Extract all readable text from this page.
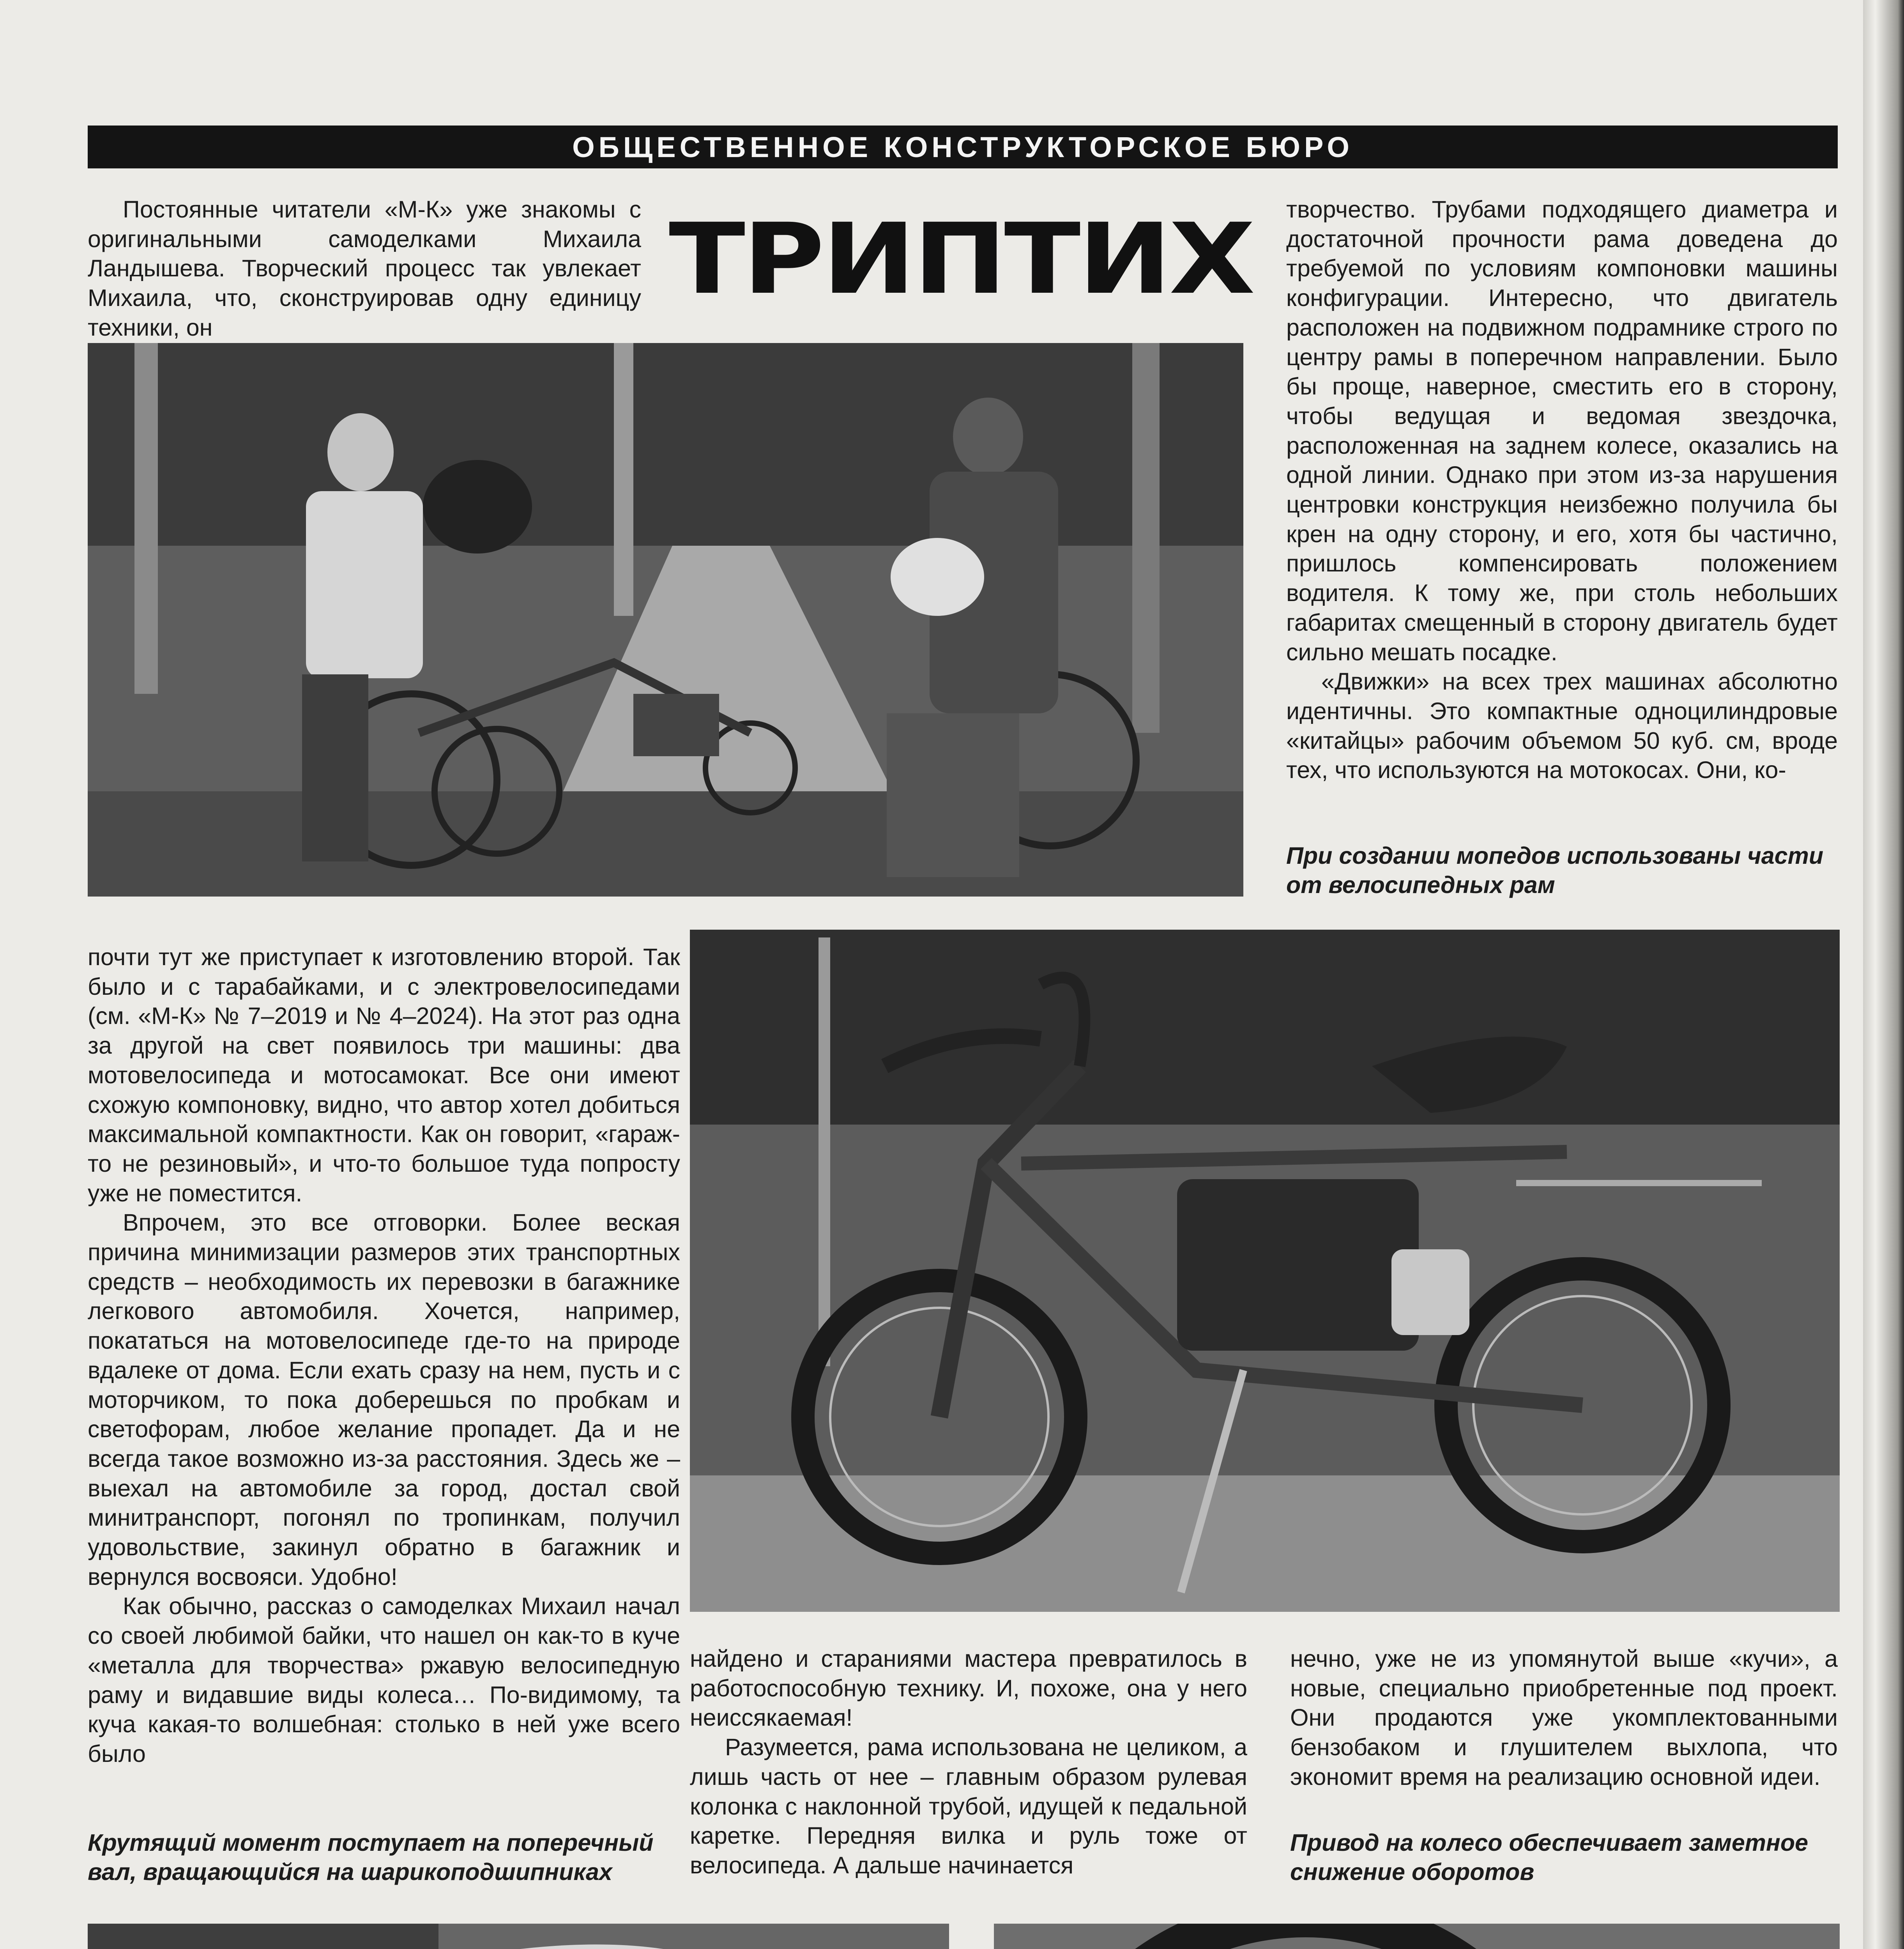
ОБЩЕСТВЕННОЕ КОНСТРУКТОРСКОЕ БЮРО

Постоянные читатели «М-К» уже знакомы с оригинальными самоделками Михаила Ландышева. Творческий процесс так увлекает Михаила, что, сконструировав одну единицу техники, он

ТРИПТИХ	творчество. Трубами подходящего диаметра и достаточной прочности рама доведена до требуемой по условиям компоновки машины конфигурации. Интересно, что двигатель расположен на подвижном подрамнике строго по центру рамы в поперечном направлении. Было бы проще, наверное, сместить его в сторону, чтобы ведущая и ведомая звездочка, расположенная на заднем колесе, оказались на одной линии. Однако при этом из-за нарушения центровки конструкция неизбежно получила бы крен на одну сторону, и его, хотя бы частично, пришлось компенсировать положением водителя. К тому же, при столь небольших габаритах смещенный в сторону двигатель будет сильно мешать посадке.

«Движки» на всех трех машинах абсолютно идентичны. Это компактные одноцилиндровые «китайцы» рабочим объемом 50 куб. см, вроде тех, что используются на мотокосах. Они, ко-

При создании мопедов использованы части от велосипедных рам

почти тут же приступает к изготовлению второй. Так было и с тарабайками, и с электровелосипедами (см. «М-К» № 7–2019 и № 4–2024). На этот раз одна за другой на свет появилось три машины: два мотовелосипеда и мотосамокат. Все они имеют схожую компоновку, видно, что автор хотел добиться максимальной компактности. Как он говорит, «гараж-то не резиновый», и что-то большое туда попросту уже не поместится.

Впрочем, это все отговорки. Более веская причина минимизации размеров этих транспортных средств – необходимость их перевозки в багажнике легкового автомобиля. Хочется, например, покататься на мотовелосипеде где-то на природе вдалеке от дома. Если ехать сразу на нем, пусть и с моторчиком, то пока доберешься по пробкам и светофорам, любое желание пропадет. Да и не всегда такое возможно из-за расстояния. Здесь же – выехал на автомобиле за город, достал свой минитранспорт, погонял по тропинкам, получил удовольствие, закинул обратно в багажник и вернулся восвояси. Удобно!

Как обычно, рассказ о самоделках Михаил начал со своей любимой байки, что нашел он как-то в куче «металла для творчества» ржавую велосипедную раму и видавшие виды колеса… По-видимому, та куча какая-то волшебная: столько в ней уже всего было

найдено и стараниями мастера превратилось в работоспособную технику. И, похоже, она у него неиссякаемая!

Разумеется, рама использована не целиком, а лишь часть от нее – главным образом рулевая колонка с наклонной трубой, идущей к педальной каретке. Передняя вилка и руль тоже от велосипеда. А дальше начинается

нечно, уже не из упомянутой выше «кучи», а новые, специально приобретенные под проект. Они продаются уже укомплектованными бензобаком и глушителем выхлопа, что экономит время на реализацию основной идеи.

Крутящий момент поступает на поперечный вал, вращающийся на шарикоподшипниках
Привод на колесо обеспечивает заметное снижение оборотов
